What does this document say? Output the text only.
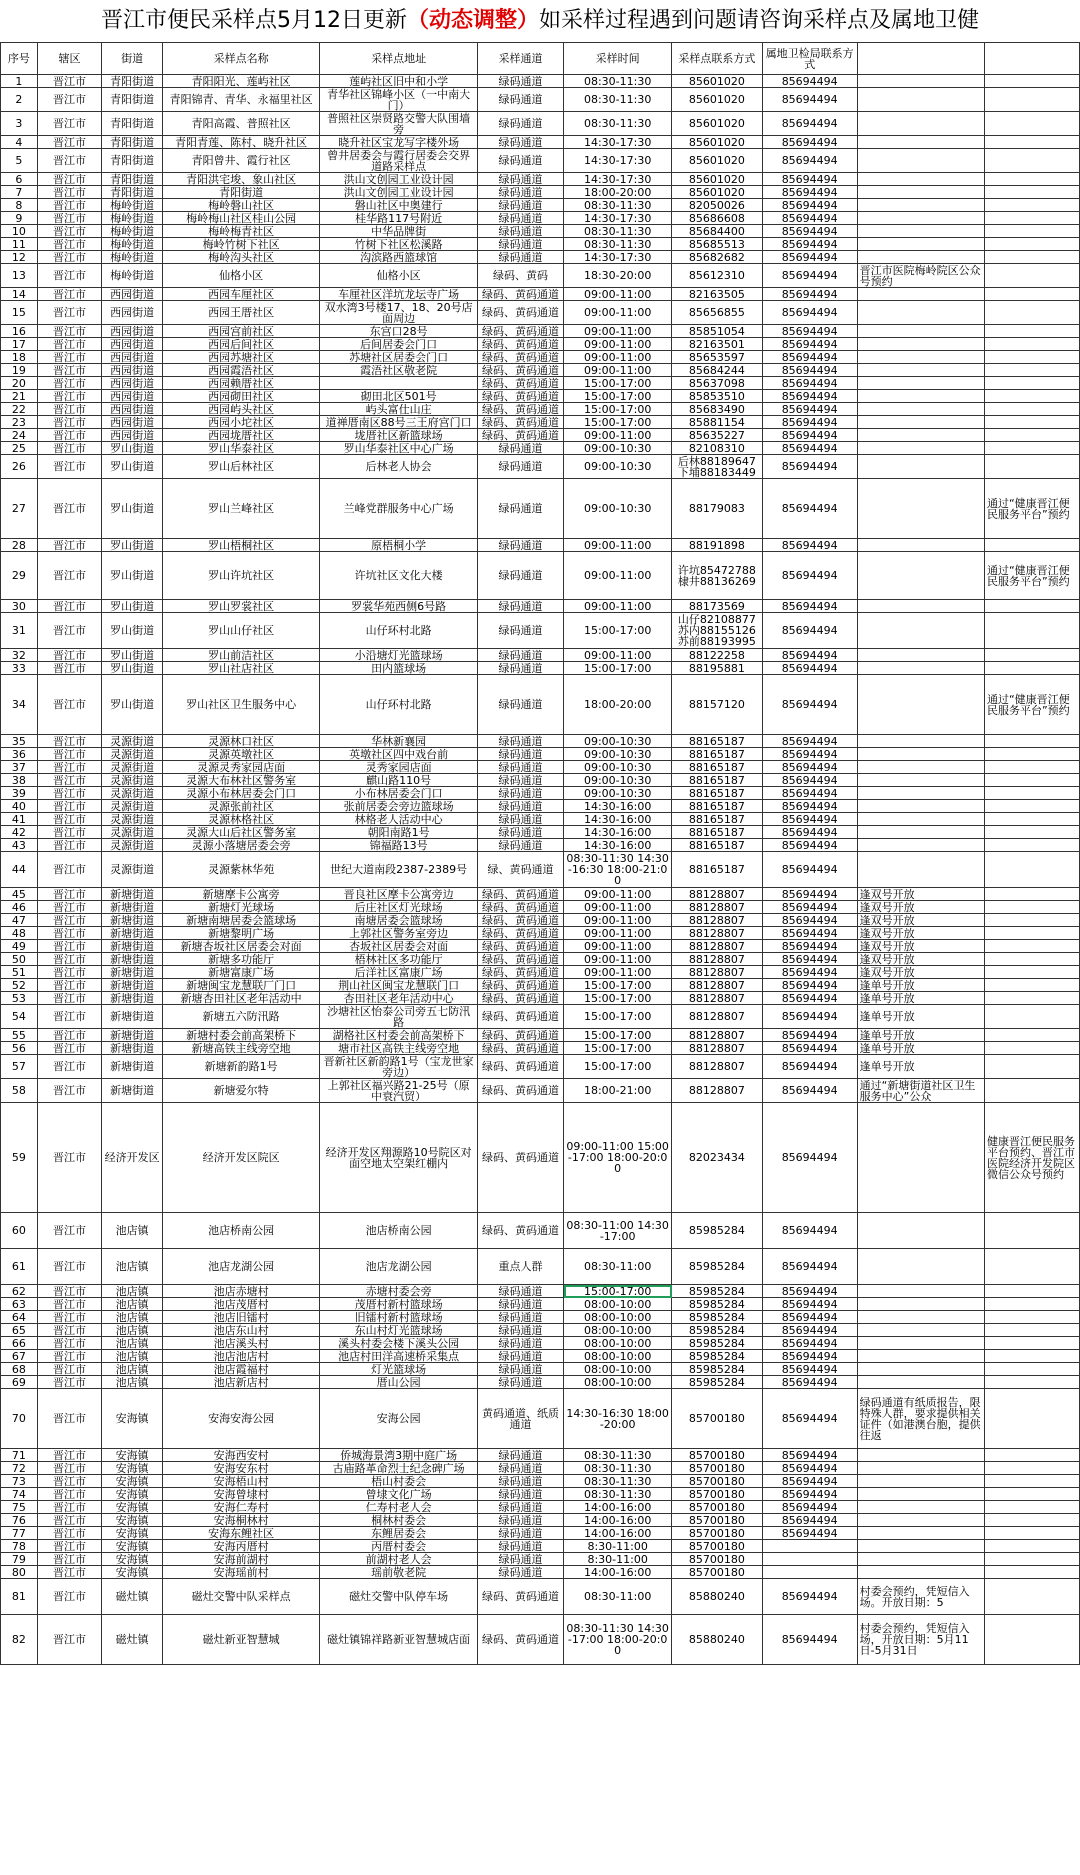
晋江市便民采样点5月12日更新（动态调整）如采样过程遇到问题请咨询采样点及属地卫健
序号	辖区	街道	采样点名称	采样点地址	采样通道	采样时间	采样点联系方式	属地卫检局联系方式		
1	晋江市	青阳街道	青阳阳光、莲屿社区	莲屿社区旧中和小学	绿码通道	08:30-11:30	85601020	85694494		
2	晋江市	青阳街道	青阳锦青、青华、永福里社区	青华社区锦峰小区（一中南大门）	绿码通道	08:30-11:30	85601020	85694494		
3	晋江市	青阳街道	青阳高霞、普照社区	普照社区崇贤路交警大队围墙旁	绿码通道	08:30-11:30	85601020	85694494		
4	晋江市	青阳街道	青阳青莲、陈村、晓升社区	晓升社区宝龙写字楼外场	绿码通道	14:30-17:30	85601020	85694494		
5	晋江市	青阳街道	青阳曾井、霞行社区	曾井居委会与霞行居委会交界道路采样点	绿码通道	14:30-17:30	85601020	85694494		
6	晋江市	青阳街道	青阳洪宅埈、象山社区	洪山文创园工业设计园	绿码通道	14:30-17:30	85601020	85694494		
7	晋江市	青阳街道	青阳街道	洪山文创园工业设计园	绿码通道	18:00-20:00	85601020	85694494		
8	晋江市	梅岭街道	梅岭磐山社区	磐山社区中奥建行	绿码通道	08:30-11:30	82050026	85694494		
9	晋江市	梅岭街道	梅岭梅山社区桂山公园	桂华路117号附近	绿码通道	14:30-17:30	85686608	85694494		
10	晋江市	梅岭街道	梅岭梅青社区	中华品牌街	绿码通道	08:30-11:30	85684400	85694494		
11	晋江市	梅岭街道	梅岭竹树下社区	竹树下社区松溪路	绿码通道	08:30-11:30	85685513	85694494		
12	晋江市	梅岭街道	梅岭沟头社区	沟滨路西篮球馆	绿码通道	14:30-17:30	85682682	85694494		
13	晋江市	梅岭街道	仙格小区	仙格小区	绿码、黄码	18:30-20:00	85612310	85694494	晋江市医院梅岭院区公众号预约	
14	晋江市	西园街道	西园车厘社区	车厘社区洋坑龙坛寺广场	绿码、黄码通道	09:00-11:00	82163505	85694494		
15	晋江市	西园街道	西园王厝社区	双水湾3号楼17、18、20号店面周边	绿码、黄码通道	09:00-11:00	85656855	85694494		
16	晋江市	西园街道	西园宫前社区	东宫口28号	绿码、黄码通道	09:00-11:00	85851054	85694494		
17	晋江市	西园街道	西园后间社区	后间居委会门口	绿码、黄码通道	09:00-11:00	82163501	85694494		
18	晋江市	西园街道	西园苏塘社区	苏塘社区居委会门口	绿码、黄码通道	09:00-11:00	85653597	85694494		
19	晋江市	西园街道	西园霞浯社区	霞浯社区敬老院	绿码、黄码通道	09:00-11:00	85684244	85694494		
20	晋江市	西园街道	西园赖厝社区		绿码、黄码通道	15:00-17:00	85637098	85694494		
21	晋江市	西园街道	西园砌田社区	砌田北区501号	绿码、黄码通道	15:00-17:00	85853510	85694494		
22	晋江市	西园街道	西园屿头社区	屿头富仕山庄	绿码、黄码通道	15:00-17:00	85683490	85694494		
23	晋江市	西园街道	西园小坨社区	道禅厝南区88号三王府宫门口	绿码、黄码通道	15:00-17:00	85881154	85694494		
24	晋江市	西园街道	西园垅厝社区	垅厝社区新篮球场	绿码、黄码通道	09:00-11:00	85635227	85694494		
25	晋江市	罗山街道	罗山华泰社区	罗山华泰社区中心广场	绿码通道	09:00-10:30	82108310	85694494		
26	晋江市	罗山街道	罗山后林社区	后林老人协会	绿码通道	09:00-10:30	后林88189647 下埔88183449	85694494		
27	晋江市	罗山街道	罗山兰峰社区	兰峰党群服务中心广场	绿码通道	09:00-10:30	88179083	85694494		通过“健康晋江便民服务平台”预约
28	晋江市	罗山街道	罗山梧桐社区	原梧桐小学	绿码通道	09:00-11:00	88191898	85694494		
29	晋江市	罗山街道	罗山许坑社区	许坑社区文化大楼	绿码通道	09:00-11:00	许坑85472788 棣井88136269	85694494		通过“健康晋江便民服务平台”预约
30	晋江市	罗山街道	罗山罗裳社区	罗裳华苑西侧6号路	绿码通道	09:00-11:00	88173569	85694494		
31	晋江市	罗山街道	罗山山仔社区	山仔环村北路	绿码通道	15:00-17:00	山仔82108877 苏内88155126 苏前88193995	85694494		
32	晋江市	罗山街道	罗山前洁社区	小沿塘灯光篮球场	绿码通道	09:00-11:00	88122258	85694494		
33	晋江市	罗山街道	罗山社店社区	田内篮球场	绿码通道	15:00-17:00	88195881	85694494		
34	晋江市	罗山街道	罗山社区卫生服务中心	山仔环村北路	绿码通道	18:00-20:00	88157120	85694494		通过“健康晋江便民服务平台”预约
35	晋江市	灵源街道	灵源林口社区	华林新襄园	绿码通道	09:00-10:30	88165187	85694494		
36	晋江市	灵源街道	灵源英墩社区	英墩社区四中戏台前	绿码通道	09:00-10:30	88165187	85694494		
37	晋江市	灵源街道	灵源灵秀家园店面	灵秀家园店面	绿码通道	09:00-10:30	88165187	85694494		
38	晋江市	灵源街道	灵源大布林社区警务室	麒山路110号	绿码通道	09:00-10:30	88165187	85694494		
39	晋江市	灵源街道	灵源小布林居委会门口	小布林居委会门口	绿码通道	09:00-10:30	88165187	85694494		
40	晋江市	灵源街道	灵源张前社区	张前居委会旁边篮球场	绿码通道	14:30-16:00	88165187	85694494		
41	晋江市	灵源街道	灵源林格社区	林格老人活动中心	绿码通道	14:30-16:00	88165187	85694494		
42	晋江市	灵源街道	灵源大山后社区警务室	朝阳南路1号	绿码通道	14:30-16:00	88165187	85694494		
43	晋江市	灵源街道	灵源小落塘居委会旁	锦福路13号	绿码通道	14:30-16:00	88165187	85694494		
44	晋江市	灵源街道	灵源紫林华苑	世纪大道南段2387-2389号	绿、黄码通道	08:30-11:30 14:30-16:30 18:00-21:00	88165187	85694494		
45	晋江市	新塘街道	新塘摩卡公寓旁	晋良社区摩卡公寓旁边	绿码、黄码通道	09:00-11:00	88128807	85694494	逢双号开放	
46	晋江市	新塘街道	新塘灯光球场	后庄社区灯光球场	绿码、黄码通道	09:00-11:00	88128807	85694494	逢双号开放	
47	晋江市	新塘街道	新塘南塘居委会篮球场	南塘居委会篮球场	绿码、黄码通道	09:00-11:00	88128807	85694494	逢双号开放	
48	晋江市	新塘街道	新塘黎明广场	上郭社区警务室旁边	绿码、黄码通道	09:00-11:00	88128807	85694494	逢双号开放	
49	晋江市	新塘街道	新塘杏坂社区居委会对面	杏坂社区居委会对面	绿码、黄码通道	09:00-11:00	88128807	85694494	逢双号开放	
50	晋江市	新塘街道	新塘多功能厅	梧林社区多功能厅	绿码、黄码通道	09:00-11:00	88128807	85694494	逢双号开放	
51	晋江市	新塘街道	新塘富康广场	后洋社区富康广场	绿码、黄码通道	09:00-11:00	88128807	85694494	逢双号开放	
52	晋江市	新塘街道	新塘闽宝龙慧联厂门口	荆山社区闽宝龙慧联门口	绿码、黄码通道	15:00-17:00	88128807	85694494	逢单号开放	
53	晋江市	新塘街道	新塘杏田社区老年活动中	杏田社区老年活动中心	绿码、黄码通道	15:00-17:00	88128807	85694494	逢单号开放	
54	晋江市	新塘街道	新塘五六防汛路	沙塘社区怡泰公司旁五七防汛路	绿码、黄码通道	15:00-17:00	88128807	85694494	逢单号开放	
55	晋江市	新塘街道	新塘村委会前高架桥下	湖格社区村委会前高架桥下	绿码、黄码通道	15:00-17:00	88128807	85694494	逢单号开放	
56	晋江市	新塘街道	新塘高铁主线旁空地	塘市社区高铁主线旁空地	绿码、黄码通道	15:00-17:00	88128807	85694494	逢单号开放	
57	晋江市	新塘街道	新塘新韵路1号	晋新社区新韵路1号（宝龙世家旁边）	绿码、黄码通道	15:00-17:00	88128807	85694494	逢单号开放	
58	晋江市	新塘街道	新塘爱尔特	上郭社区福兴路21-25号（原中衰汽贸）	绿码、黄码通道	18:00-21:00	88128807	85694494	通过“新塘街道社区卫生服务中心”公众	
59	晋江市	经济开发区	经济开发区院区	经济开发区翔源路10号院区对面空地太空架红棚内	绿码、黄码通道	09:00-11:00 15:00-17:00 18:00-20:00	82023434	85694494		健康晋江便民服务平台预约、晋江市医院经济开发院区微信公众号预约
60	晋江市	池店镇	池店桥南公园	池店桥南公园	绿码、黄码通道	08:30-11:00 14:30-17:00	85985284	85694494		
61	晋江市	池店镇	池店龙湖公园	池店龙湖公园	重点人群	08:30-11:00	85985284	85694494		
62	晋江市	池店镇	池店赤塘村	赤塘村委会旁	绿码通道	15:00-17:00	85985284	85694494		
63	晋江市	池店镇	池店茂厝村	茂厝村新村篮球场	绿码通道	08:00-10:00	85985284	85694494		
64	晋江市	池店镇	池店旧镭村	旧镭村新村篮球场	绿码通道	08:00-10:00	85985284	85694494		
65	晋江市	池店镇	池店东山村	东山村灯光篮球场	绿码通道	08:00-10:00	85985284	85694494		
66	晋江市	池店镇	池店溪头村	溪头村委会楼下溪头公园	绿码通道	08:00-10:00	85985284	85694494		
67	晋江市	池店镇	池店池店村	池店村田洋高速桥采集点	绿码通道	08:00-10:00	85985284	85694494		
68	晋江市	池店镇	池店霞福村	灯光篮球场	绿码通道	08:00-10:00	85985284	85694494		
69	晋江市	池店镇	池店新店村	厝山公园	绿码通道	08:00-10:00	85985284	85694494		
70	晋江市	安海镇	安海安海公园	安海公园	黄码通道、纸质通道	14:30-16:30 18:00-20:00	85700180	85694494	绿码通道有纸质报告，限特殊人群，要求提供相关证件（如港澳台胞，提供往返	
71	晋江市	安海镇	安海西安村	侨城海景湾3期中庭广场	绿码通道	08:30-11:30	85700180	85694494		
72	晋江市	安海镇	安海安东村	古庙路革命烈士纪念碑广场	绿码通道	08:30-11:30	85700180	85694494		
73	晋江市	安海镇	安海梧山村	梧山村委会	绿码通道	08:30-11:30	85700180	85694494		
74	晋江市	安海镇	安海曾埭村	曾埭文化广场	绿码通道	08:30-11:30	85700180	85694494		
75	晋江市	安海镇	安海仁寿村	仁寿村老人会	绿码通道	14:00-16:00	85700180	85694494		
76	晋江市	安海镇	安海桐林村	桐林村委会	绿码通道	14:00-16:00	85700180	85694494		
77	晋江市	安海镇	安海东鲤社区	东鲤居委会	绿码通道	14:00-16:00	85700180	85694494		
78	晋江市	安海镇	安海丙厝村	丙厝村委会	绿码通道	8:30-11:00	85700180			
79	晋江市	安海镇	安海前湖村	前湖村老人会	绿码通道	8:30-11:00	85700180			
80	晋江市	安海镇	安海瑶前村	瑶前敬老院	绿码通道	14:00-16:00	85700180			
81	晋江市	磁灶镇	磁灶交警中队采样点	磁灶交警中队停车场	绿码、黄码通道	08:30-11:00	85880240	85694494	村委会预约，凭短信入场。开放日期：5	
82	晋江市	磁灶镇	磁灶新亚智慧城	磁灶镇锦祥路新亚智慧城店面	绿码、黄码通道	08:30-11:30 14:30-17:00 18:00-20:00	85880240	85694494	村委会预约，凭短信入场，开放日期：5月11日-5月31日	
